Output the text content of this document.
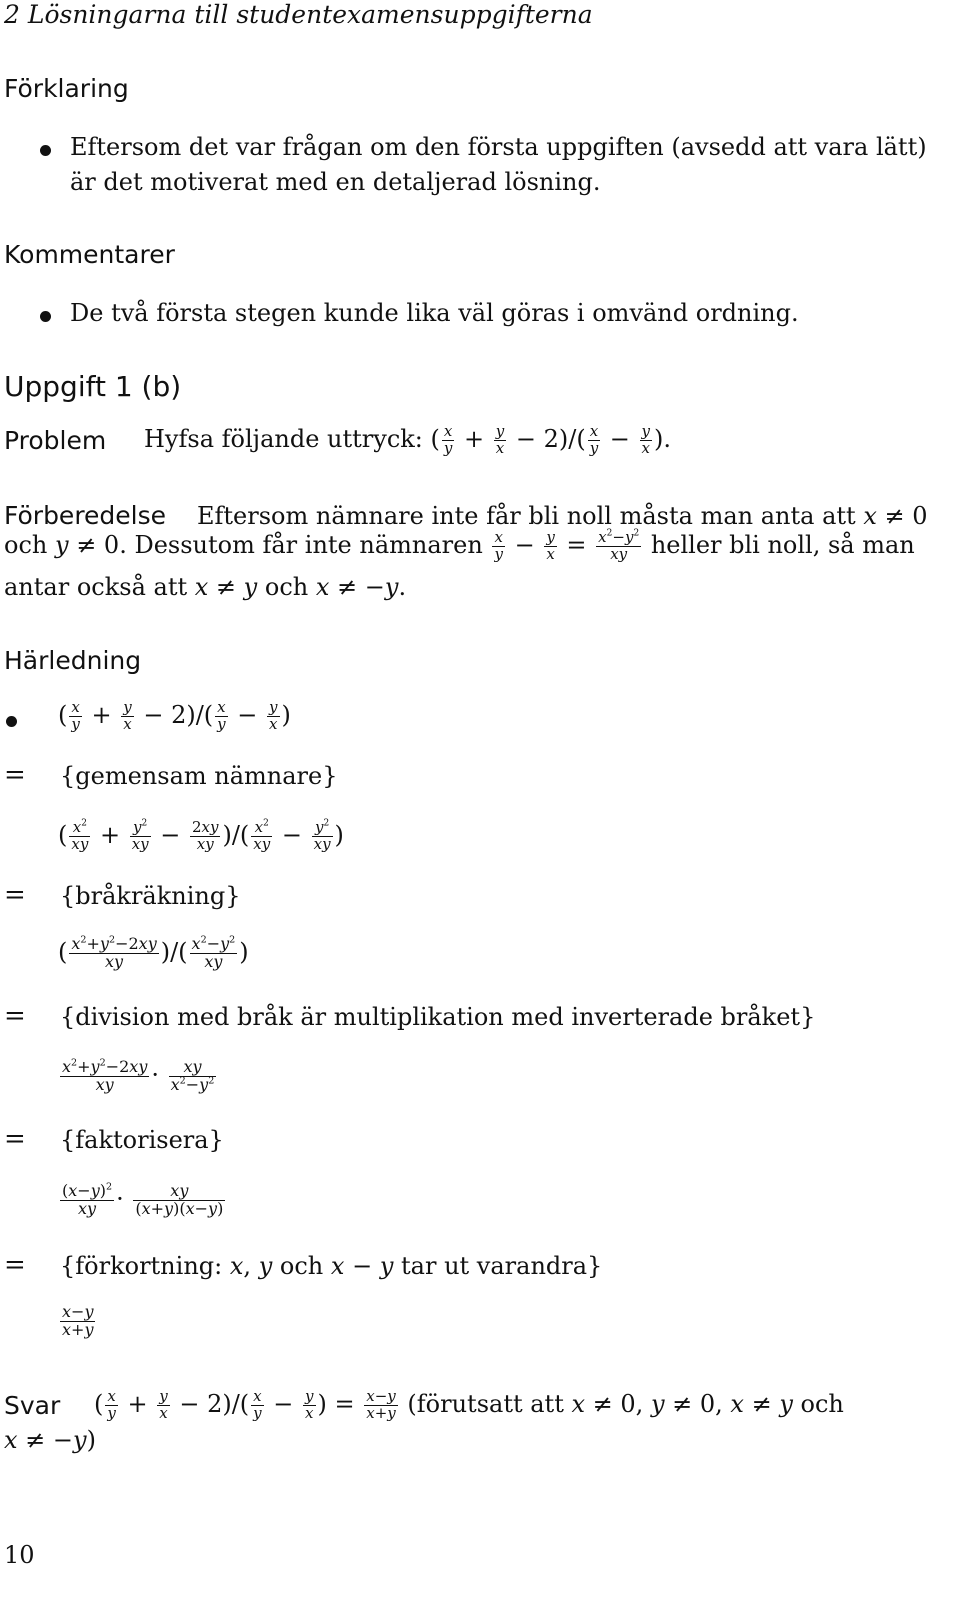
2 Lösningarna till studentexamensuppgifterna
Förklaring
Eftersom det var frågan om den första uppgiften (avsedd att vara lätt)
är det motiverat med en detaljerad lösning.
Kommentarer
De två första stegen kunde lika väl göras i omvänd ordning.
Uppgift 1 (b)
Problem Hyfsa följande uttryck: ( $\frac{x}{y} + \frac{y}{x} - 2)/( \frac{x}{y} - \frac{y}{x}$ ).
Förberedelse Eftersom nämnare inte får bli noll måsta man anta att x ≠ 0
och y ≠ 0. Dessutom får inte nämnaren $\frac{x}{y} - \frac{y}{x} = \frac{x^2-y^2}{xy}$ heller bli noll, så man
antar också att x ≠ y och x ≠ −y.
Härledning
( $\frac{x}{y} + \frac{y}{x} - 2)/( \frac{x}{y} - \frac{y}{x}$ )
= {gemensam nämnare}
( $\frac{x^2}{xy} + \frac{y^2}{xy} - \frac{2xy}{xy}$ )/( $\frac{x^2}{xy} - \frac{y^2}{xy}$ )
= {bråkräkning}
( $\frac{x^2+y^2-2xy}{xy}$ )/( $\frac{x^2-y^2}{xy}$ )
= {division med bråk är multiplikation med inverterade bråket}
$\frac{x^2+y^2-2xy}{xy} \cdot \frac{xy}{x^2-y^2}$
= {faktorisera}
$\frac{(x-y)^2}{xy} \cdot \frac{xy}{(x+y)(x-y)}$
= {förkortning: x, y och x − y tar ut varandra}
$\frac{x-y}{x+y}$
Svar ( $\frac{x}{y} + \frac{y}{x} - 2)/( \frac{x}{y} - \frac{y}{x}$ ) = $\frac{x-y}{x+y}$ (förutsatt att x ≠ 0, y ≠ 0, x ≠ y och
x ≠ −y)
10
